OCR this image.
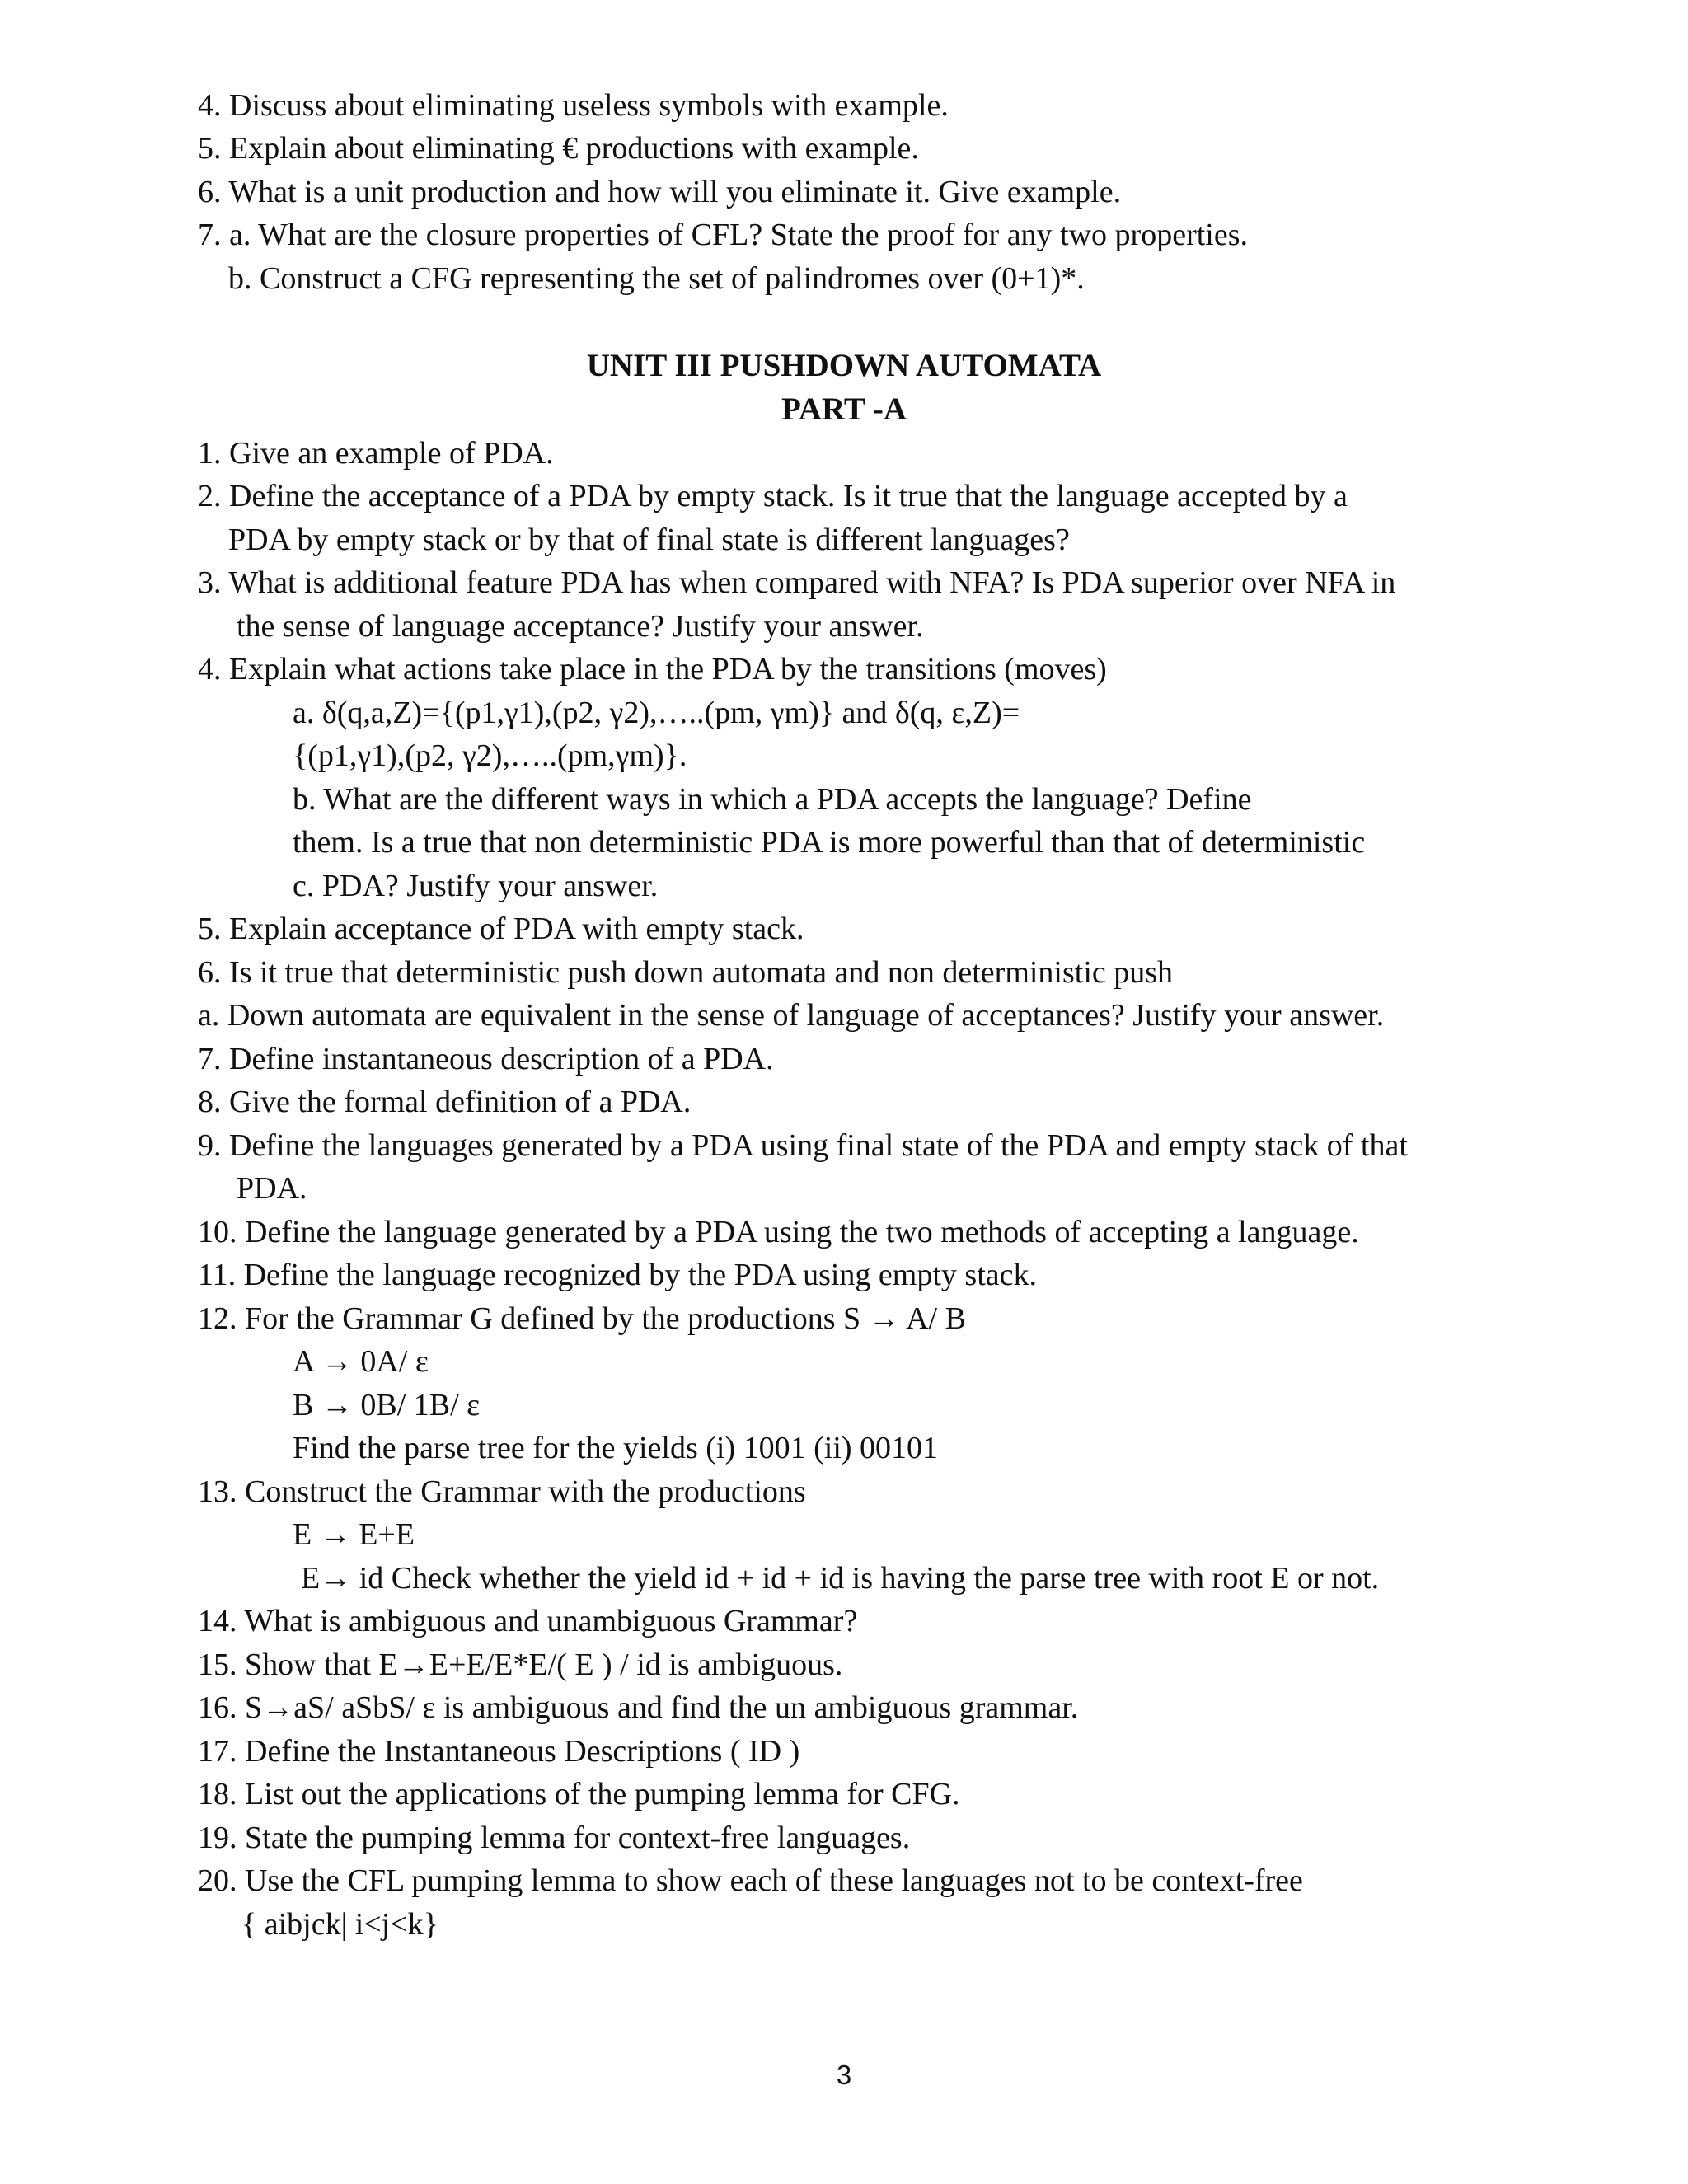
4. Discuss about eliminating useless symbols with example.
5. Explain about eliminating € productions with example.
6. What is a unit production and how will you eliminate it. Give example.
7. a. What are the closure properties of CFL? State the proof for any two properties.
b. Construct a CFG representing the set of palindromes over (0+1)*.
UNIT III PUSHDOWN AUTOMATA
PART -A
1. Give an example of PDA.
2. Define the acceptance of a PDA by empty stack. Is it true that the language accepted by a
PDA by empty stack or by that of final state is different languages?
3. What is additional feature PDA has when compared with NFA? Is PDA superior over NFA in
the sense of language acceptance? Justify your answer.
4. Explain what actions take place in the PDA by the transitions (moves)
a. δ(q,a,Z)={(p1,γ1),(p2, γ2),…..(pm, γm)} and δ(q, ε,Z)=
{(p1,γ1),(p2, γ2),…..(pm,γm)}.
b. What are the different ways in which a PDA accepts the language? Define
them. Is a true that non deterministic PDA is more powerful than that of deterministic
c. PDA? Justify your answer.
5. Explain acceptance of PDA with empty stack.
6. Is it true that deterministic push down automata and non deterministic push
a. Down automata are equivalent in the sense of language of acceptances? Justify your answer.
7. Define instantaneous description of a PDA.
8. Give the formal definition of a PDA.
9. Define the languages generated by a PDA using final state of the PDA and empty stack of that
PDA.
10. Define the language generated by a PDA using the two methods of accepting a language.
11. Define the language recognized by the PDA using empty stack.
12. For the Grammar G defined by the productions S → A/ B
A → 0A/ ε
B → 0B/ 1B/ ε
Find the parse tree for the yields (i) 1001 (ii) 00101
13. Construct the Grammar with the productions
E → E+E
E→ id Check whether the yield id + id + id is having the parse tree with root E or not.
14. What is ambiguous and unambiguous Grammar?
15. Show that E→E+E/E*E/( E ) / id is ambiguous.
16. S→aS/ aSbS/ ε is ambiguous and find the un ambiguous grammar.
17. Define the Instantaneous Descriptions ( ID )
18. List out the applications of the pumping lemma for CFG.
19. State the pumping lemma for context-free languages.
20. Use the CFL pumping lemma to show each of these languages not to be context-free
{ aibjck| i<j<k}
3
